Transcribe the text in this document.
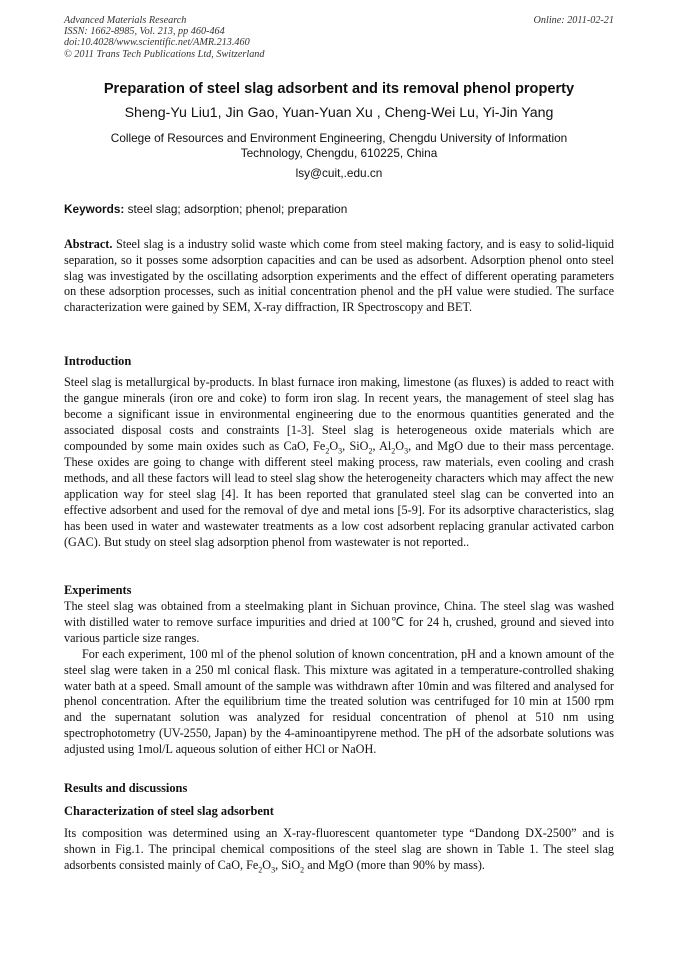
Advanced Materials Research
ISSN: 1662-8985, Vol. 213, pp 460-464
doi:10.4028/www.scientific.net/AMR.213.460
© 2011 Trans Tech Publications Ltd, Switzerland
Online: 2011-02-21
Preparation of steel slag adsorbent and its removal phenol property
Sheng-Yu Liu1, Jin Gao, Yuan-Yuan Xu , Cheng-Wei Lu, Yi-Jin Yang
College of Resources and Environment Engineering, Chengdu University of Information Technology, Chengdu, 610225, China
lsy@cuit,.edu.cn
Keywords: steel slag; adsorption; phenol; preparation

Abstract. Steel slag is a industry solid waste which come from steel making factory, and is easy to solid-liquid separation, so it posses some adsorption capacities and can be used as adsorbent. Adsorption phenol onto steel slag was investigated by the oscillating adsorption experiments and the effect of different operating parameters on these adsorption processes, such as initial concentration phenol and the pH value were studied. The surface characterization were gained by SEM, X-ray diffraction, IR Spectroscopy and BET.

Introduction

Steel slag is metallurgical by-products. In blast furnace iron making, limestone (as fluxes) is added to react with the gangue minerals (iron ore and coke) to form iron slag. In recent years, the management of steel slag has become a significant issue in environmental engineering due to the enormous quantities generated and the associated disposal costs and constraints [1-3]. Steel slag is heterogeneous oxide materials which are compounded by some main oxides such as CaO, $Fe_2O_3$, SiO$_2$, $Al_2O_3$, and MgO due to their mass percentage. These oxides are going to change with different steel making process, raw materials, even cooling and crash methods, and all these factors will lead to steel slag show the heterogeneity characters which may affect the new application way for steel slag [4]. It has been reported that granulated steel slag can be converted into an effective adsorbent and used for the removal of dye and metal ions [5-9]. For its adsorptive characteristics, slag has been used in water and wastewater treatments as a low cost adsorbent replacing granular activated carbon (GAC). But study on steel slag adsorption phenol from wastewater is not reported..

Experiments

The steel slag was obtained from a steelmaking plant in Sichuan province, China. The steel slag was washed with distilled water to remove surface impurities and dried at 100℃ for 24 h, crushed, ground and sieved into various particle size ranges.

For each experiment, 100 ml of the phenol solution of known concentration, pH and a known amount of the steel slag were taken in a 250 ml conical flask. This mixture was agitated in a temperature-controlled shaking water bath at a speed. Small amount of the sample was withdrawn after 10min and was filtered and analysed for phenol concentration. After the equilibrium time the treated solution was centrifuged for 10 min at 1500 rpm and the supernatant solution was analyzed for residual concentration of phenol at 510 nm using spectrophotometry (UV-2550, Japan) by the 4-aminoantipyrene method. The pH of the adsorbate solutions was adjusted using 1mol/L aqueous solution of either HCl or NaOH.

Results and discussions
Characterization of steel slag adsorbent

Its composition was determined using an X-ray-fluorescent quantometer type “Dandong DX-2500” and is shown in Fig.1. The principal chemical compositions of the steel slag are shown in Table 1. The steel slag adsorbents consisted mainly of CaO, $Fe_2O_3$, SiO$_2$ and MgO (more than 90% by mass).
